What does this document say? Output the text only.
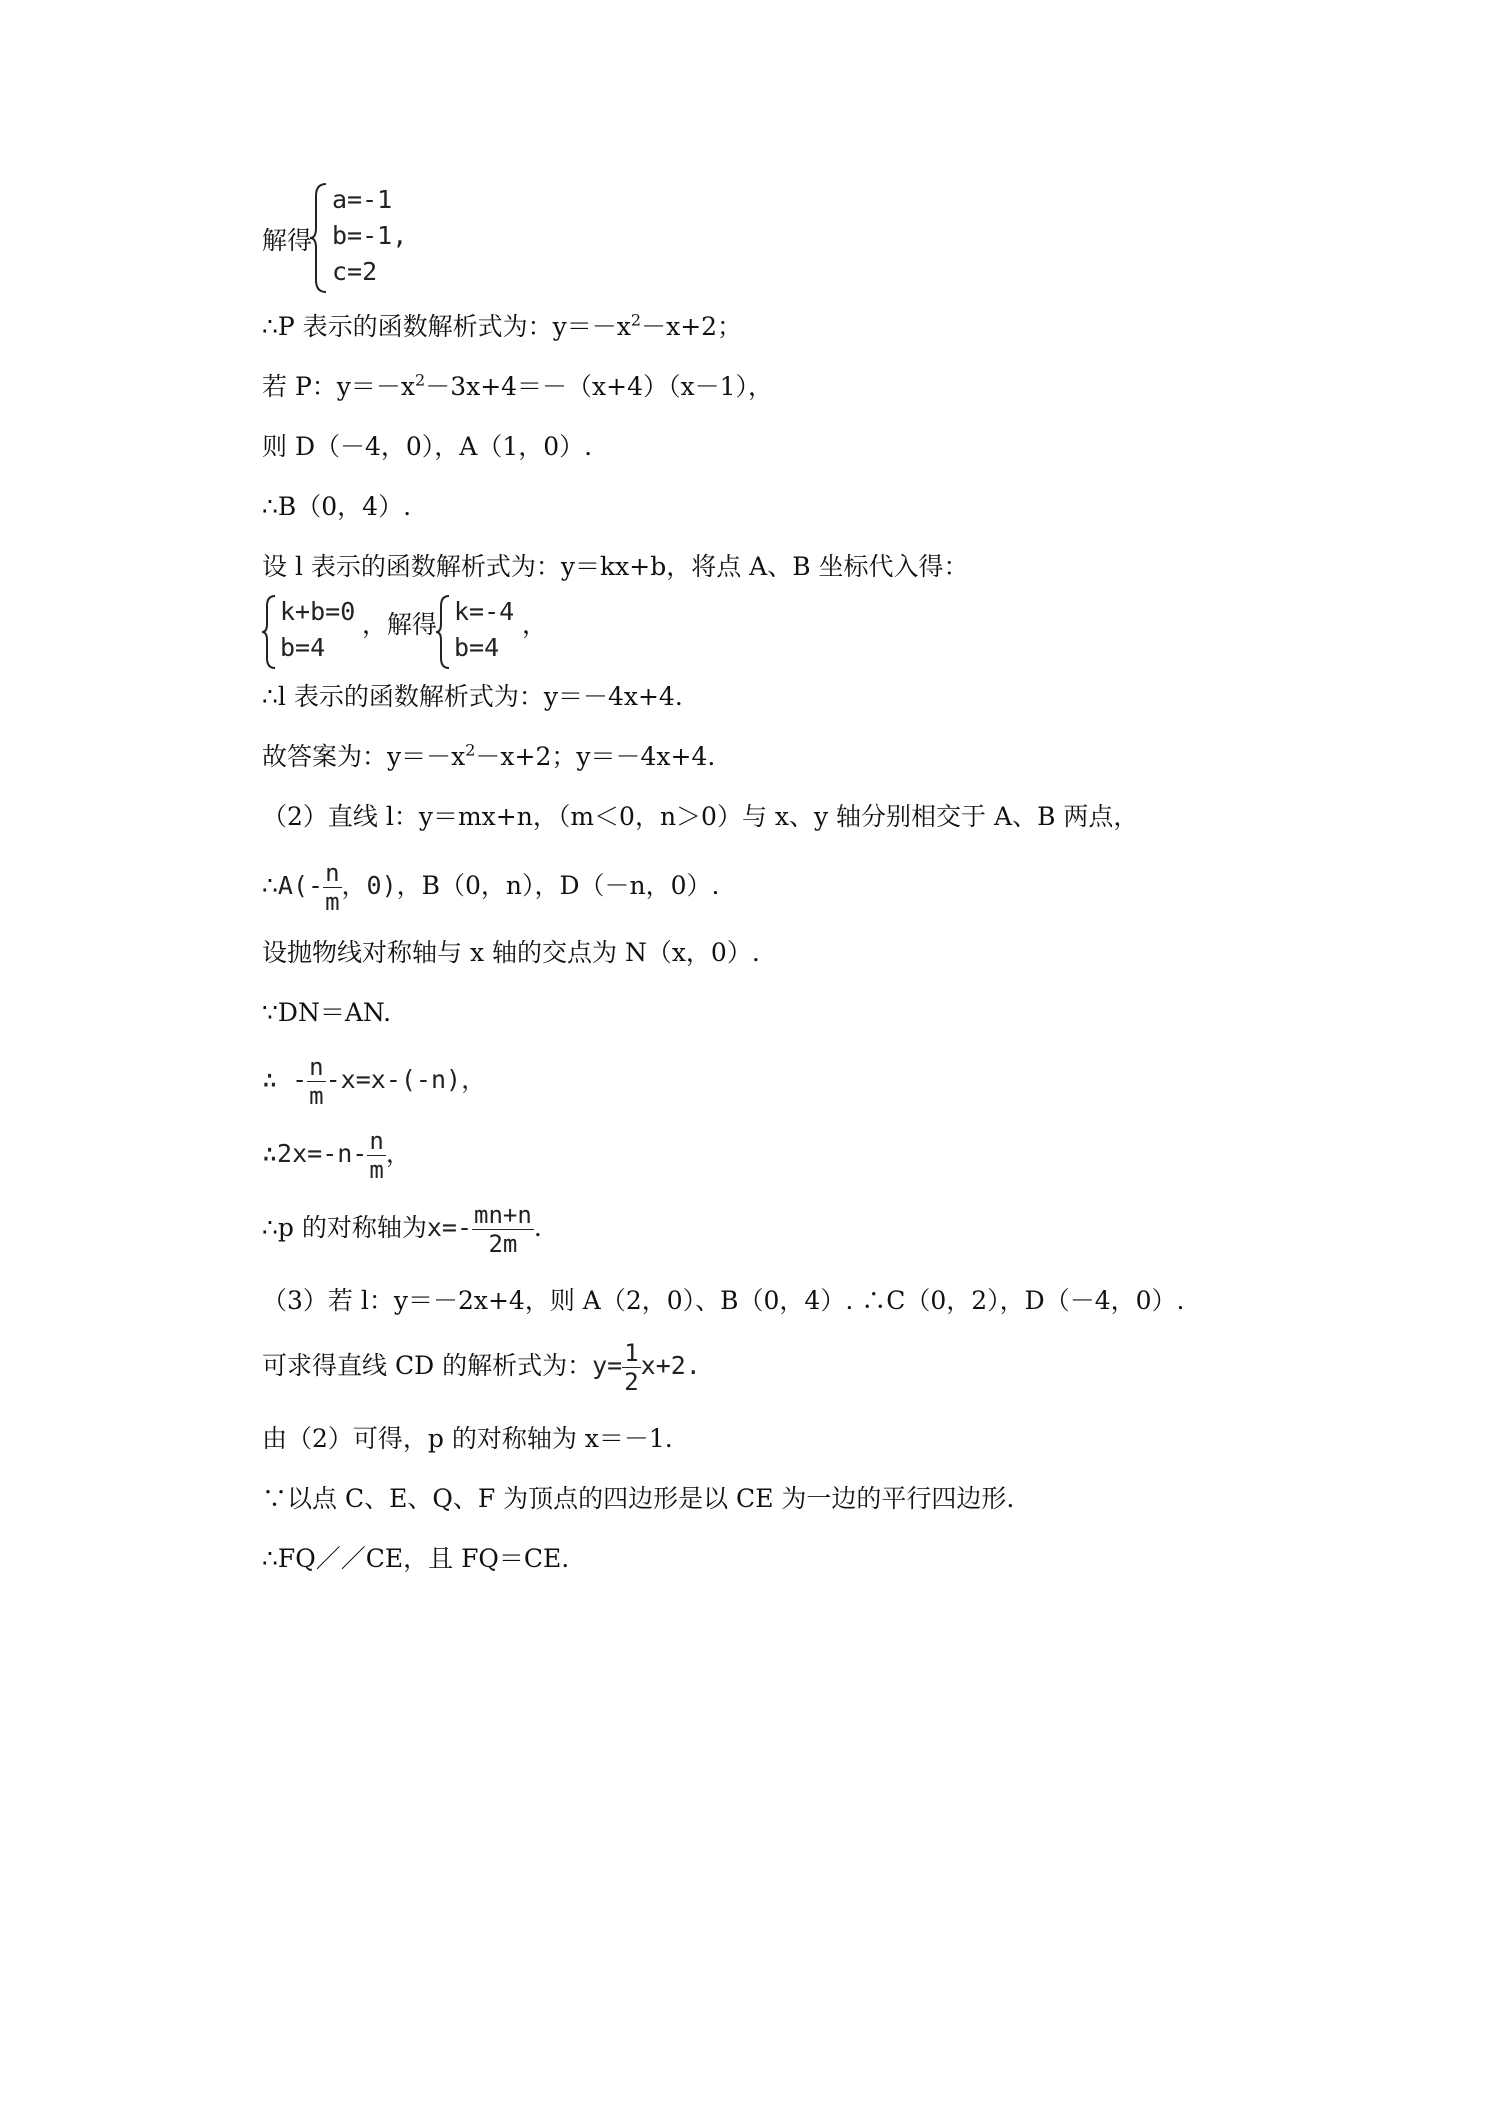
解得
a=-1
b=-1,
c=2
∴P 表示的函数解析式为：$y=-x^2-x+2$；
若 P：$y=-x^2-3x+4=-(x+4)(x-1)$，
则 D（－4，0），A（1，0）.
∴B（0，4）.
设 l 表示的函数解析式为：y＝kx+b，将点 A、B 坐标代入得：
k+b=0
b=4
，解得 k=-4
b=4
，
∴l 表示的函数解析式为：y＝－4x+4.
故答案为：$y=-x^2-x+2$；y＝－4x+4.
（2）直线 l：y＝mx+n，（m＜0，n＞0）与 x、y 轴分别相交于 A、B 两点，
∴A(- $\frac{n}{m}$ ，0)，B（0，n），D（－n，0）.
设抛物线对称轴与 x 轴的交点为 N（x，0）.
∵DN＝AN.
∴ - $\frac{n}{m} -x=x-(-n)$，
∴2x=-n- $\frac{n}{m}$ ，
∴p 的对称轴为$x=- \frac{mn+n}{2m}$ .
（3）若 l：y＝－2x+4，则 A（2，0）、B（0，4）. ∴C（0，2），D（－4，0）.
可求得直线 CD 的解析式为：$y= \frac{1}{2} x+2$.
由（2）可得，p 的对称轴为 x＝－1.
∵以点 C、E、Q、F 为顶点的四边形是以 CE 为一边的平行四边形.
∴FQ／／CE，且 FQ＝CE.
